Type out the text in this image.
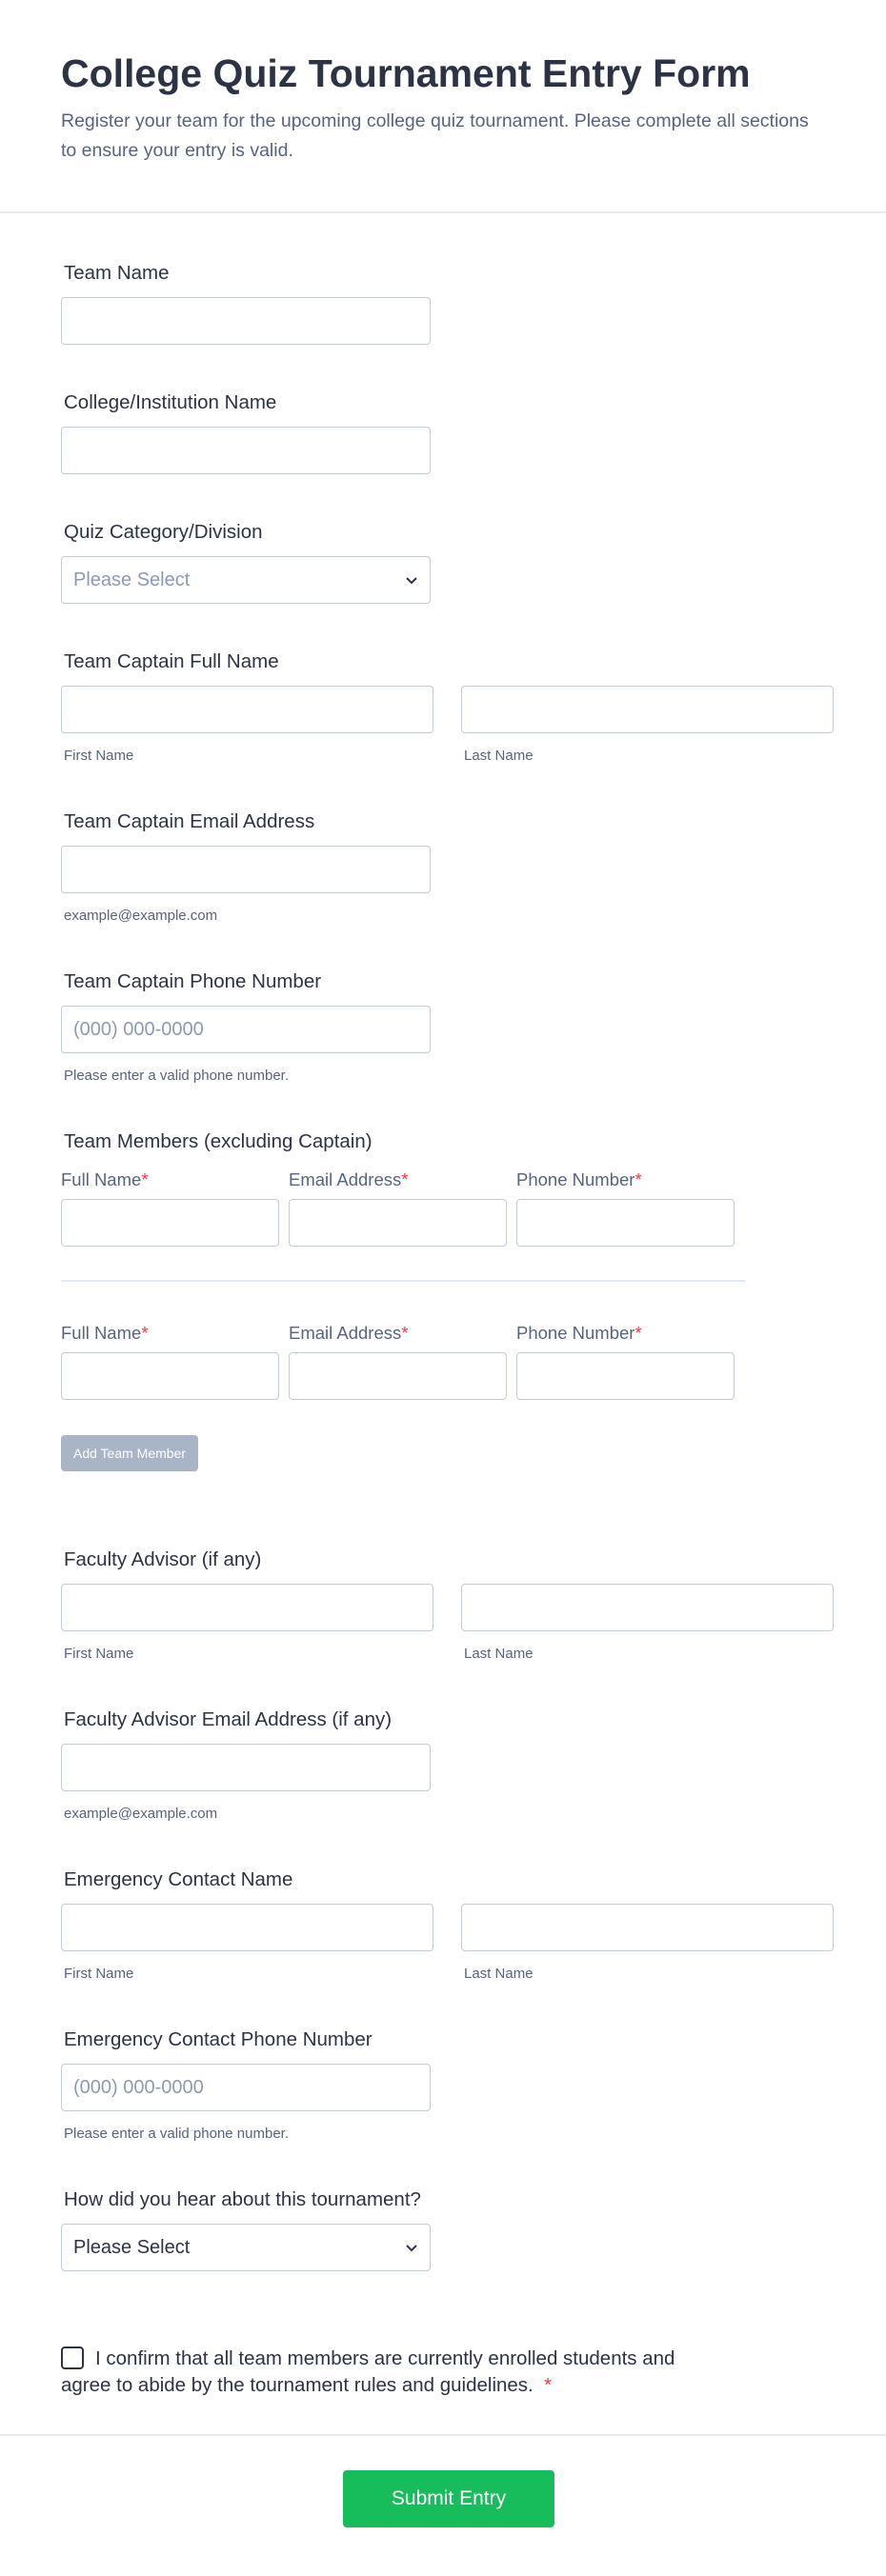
College Quiz Tournament Entry Form

Register your team for the upcoming college quiz tournament. Please complete all sections to ensure your entry is valid.

Team Name
College/Institution Name
Quiz Category/Division
Please Select
Team Captain Full Name
First Name	Last Name
Team Captain Email Address
example@example.com
Team Captain Phone Number
(000) 000-0000
Please enter a valid phone number.
Team Members (excluding Captain)
Full Name*	Email Address*	Phone Number*
Full Name*	Email Address*	Phone Number*
Add Team Member
Faculty Advisor (if any)
First Name	Last Name
Faculty Advisor Email Address (if any)
example@example.com
Emergency Contact Name
First Name	Last Name
Emergency Contact Phone Number
(000) 000-0000
Please enter a valid phone number.
How did you hear about this tournament?
Please Select
I confirm that all team members are currently enrolled students and agree to abide by the tournament rules and guidelines. *
Submit Entry
